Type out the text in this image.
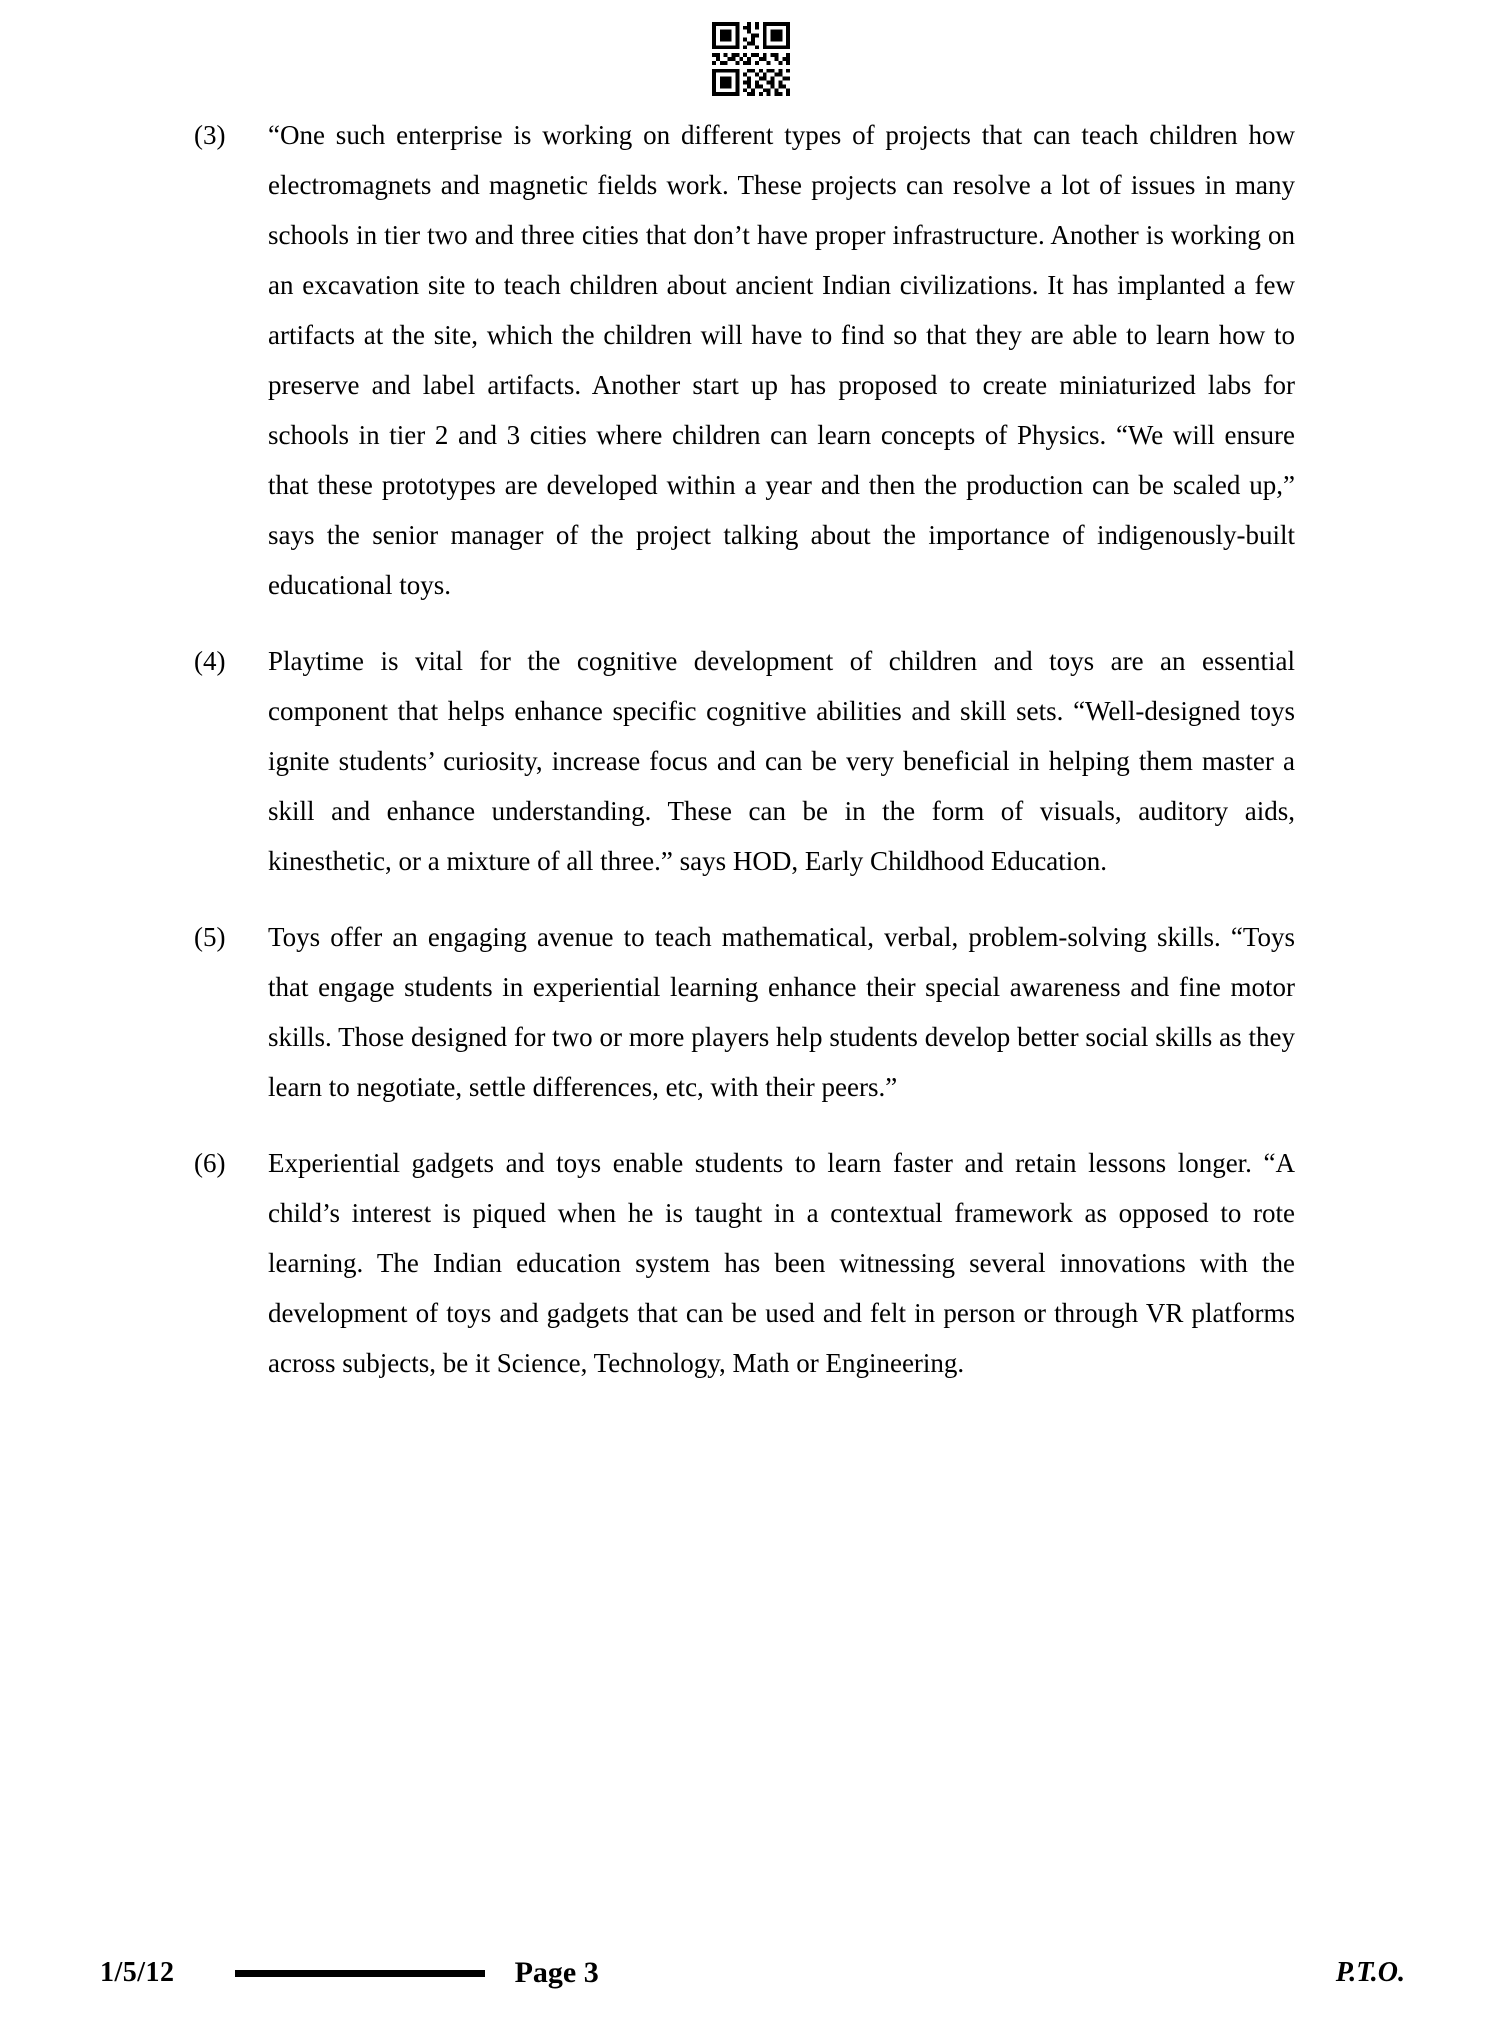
(3)	“One such enterprise is working on different types of projects that can teach children how electromagnets and magnetic fields work. These projects can resolve a lot of issues in many schools in tier two and three cities that don’t have proper infrastructure. Another is working on an excavation site to teach children about ancient Indian civilizations. It has implanted a few artifacts at the site, which the children will have to find so that they are able to learn how to preserve and label artifacts. Another start up has proposed to create miniaturized labs for schools in tier 2 and 3 cities where children can learn concepts of Physics. “We will ensure that these prototypes are developed within a year and then the production can be scaled up,” says the senior manager of the project talking about the importance of indigenously-built educational toys.
(4)	Playtime is vital for the cognitive development of children and toys are an essential component that helps enhance specific cognitive abilities and skill sets. “Well-designed toys ignite students’ curiosity, increase focus and can be very beneficial in helping them master a skill and enhance understanding. These can be in the form of visuals, auditory aids, kinesthetic, or a mixture of all three.” says HOD, Early Childhood Education.
(5)	Toys offer an engaging avenue to teach mathematical, verbal, problem-solving skills. “Toys that engage students in experiential learning enhance their special awareness and fine motor skills. Those designed for two or more players help students develop better social skills as they learn to negotiate, settle differences, etc, with their peers.”
(6)	Experiential gadgets and toys enable students to learn faster and retain lessons longer. “A child’s interest is piqued when he is taught in a contextual framework as opposed to rote learning. The Indian education system has been witnessing several innovations with the development of toys and gadgets that can be used and felt in person or through VR platforms across subjects, be it Science, Technology, Math or Engineering.
1/5/12	Page 3	P.T.O.
